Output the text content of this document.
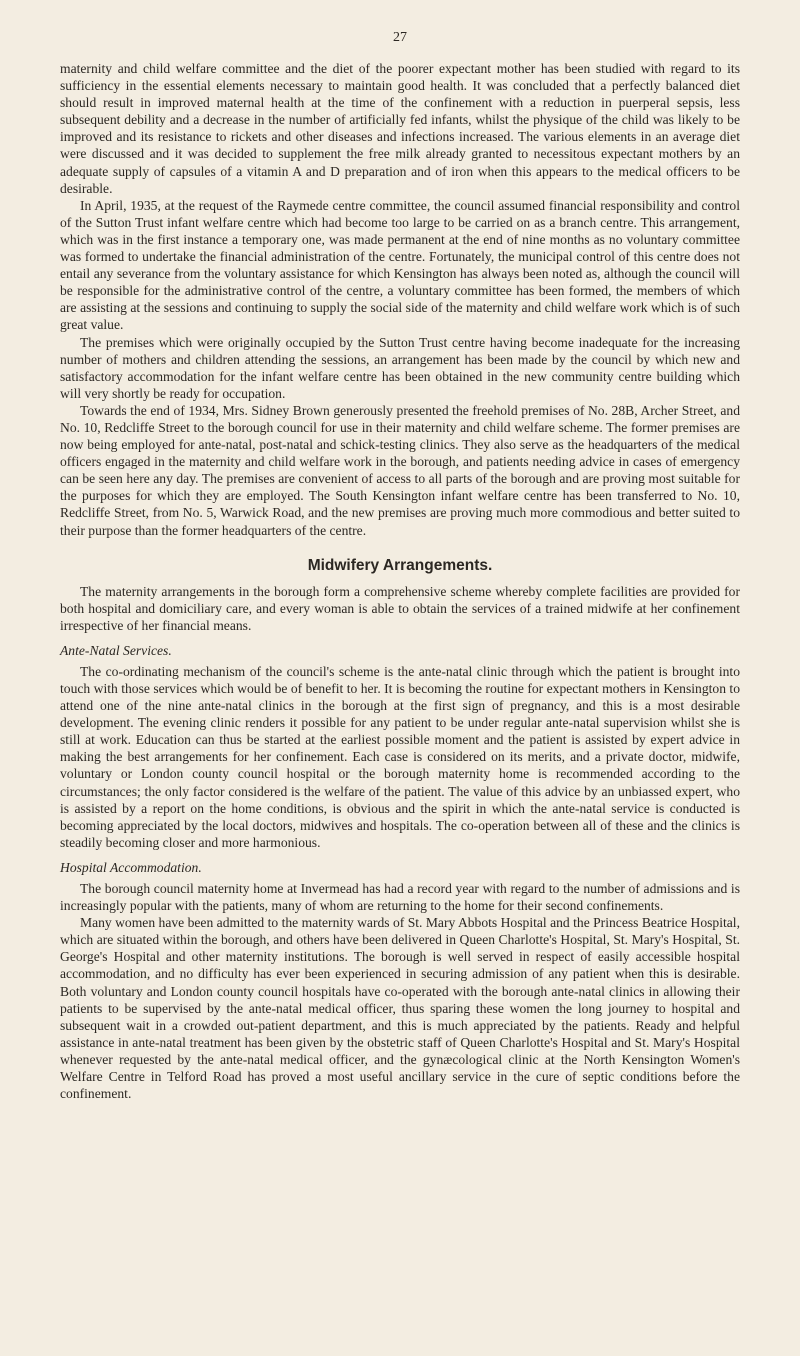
27

maternity and child welfare committee and the diet of the poorer expectant mother has been studied with regard to its sufficiency in the essential elements necessary to maintain good health. It was concluded that a perfectly balanced diet should result in improved maternal health at the time of the confinement with a reduction in puerperal sepsis, less subsequent debility and a decrease in the number of artificially fed infants, whilst the physique of the child was likely to be improved and its resistance to rickets and other diseases and infections increased. The various elements in an average diet were discussed and it was decided to supplement the free milk already granted to necessitous expectant mothers by an adequate supply of capsules of a vitamin A and D preparation and of iron when this appears to the medical officers to be desirable.

In April, 1935, at the request of the Raymede centre committee, the council assumed financial responsibility and control of the Sutton Trust infant welfare centre which had become too large to be carried on as a branch centre. This arrangement, which was in the first instance a temporary one, was made permanent at the end of nine months as no voluntary committee was formed to undertake the financial administration of the centre. Fortunately, the municipal control of this centre does not entail any severance from the voluntary assistance for which Kensington has always been noted as, although the council will be responsible for the administrative control of the centre, a voluntary committee has been formed, the members of which are assisting at the sessions and continuing to supply the social side of the maternity and child welfare work which is of such great value.

The premises which were originally occupied by the Sutton Trust centre having become inadequate for the increasing number of mothers and children attending the sessions, an arrangement has been made by the council by which new and satisfactory accommodation for the infant welfare centre has been obtained in the new community centre building which will very shortly be ready for occupation.

Towards the end of 1934, Mrs. Sidney Brown generously presented the freehold premises of No. 28B, Archer Street, and No. 10, Redcliffe Street to the borough council for use in their maternity and child welfare scheme. The former premises are now being employed for ante-natal, post-natal and schick-testing clinics. They also serve as the headquarters of the medical officers engaged in the maternity and child welfare work in the borough, and patients needing advice in cases of emergency can be seen here any day. The premises are convenient of access to all parts of the borough and are proving most suitable for the purposes for which they are employed. The South Kensington infant welfare centre has been transferred to No. 10, Redcliffe Street, from No. 5, Warwick Road, and the new premises are proving much more commodious and better suited to their purpose than the former headquarters of the centre.

Midwifery Arrangements.

The maternity arrangements in the borough form a comprehensive scheme whereby complete facilities are provided for both hospital and domiciliary care, and every woman is able to obtain the services of a trained midwife at her confinement irrespective of her financial means.

Ante-Natal Services.

The co-ordinating mechanism of the council's scheme is the ante-natal clinic through which the patient is brought into touch with those services which would be of benefit to her. It is becoming the routine for expectant mothers in Kensington to attend one of the nine ante-natal clinics in the borough at the first sign of pregnancy, and this is a most desirable development. The evening clinic renders it possible for any patient to be under regular ante-natal supervision whilst she is still at work. Education can thus be started at the earliest possible moment and the patient is assisted by expert advice in making the best arrangements for her confinement. Each case is considered on its merits, and a private doctor, midwife, voluntary or London county council hospital or the borough maternity home is recommended according to the circumstances; the only factor considered is the welfare of the patient. The value of this advice by an unbiassed expert, who is assisted by a report on the home conditions, is obvious and the spirit in which the ante-natal service is conducted is becoming appreciated by the local doctors, midwives and hospitals. The co-operation between all of these and the clinics is steadily becoming closer and more harmonious.

Hospital Accommodation.

The borough council maternity home at Invermead has had a record year with regard to the number of admissions and is increasingly popular with the patients, many of whom are returning to the home for their second confinements.

Many women have been admitted to the maternity wards of St. Mary Abbots Hospital and the Princess Beatrice Hospital, which are situated within the borough, and others have been delivered in Queen Charlotte's Hospital, St. Mary's Hospital, St. George's Hospital and other maternity institutions. The borough is well served in respect of easily accessible hospital accommodation, and no difficulty has ever been experienced in securing admission of any patient when this is desirable. Both voluntary and London county council hospitals have co-operated with the borough ante-natal clinics in allowing their patients to be supervised by the ante-natal medical officer, thus sparing these women the long journey to hospital and subsequent wait in a crowded out-patient department, and this is much appreciated by the patients. Ready and helpful assistance in ante-natal treatment has been given by the obstetric staff of Queen Charlotte's Hospital and St. Mary's Hospital whenever requested by the ante-natal medical officer, and the gynæcological clinic at the North Kensington Women's Welfare Centre in Telford Road has proved a most useful ancillary service in the cure of septic conditions before the confinement.
